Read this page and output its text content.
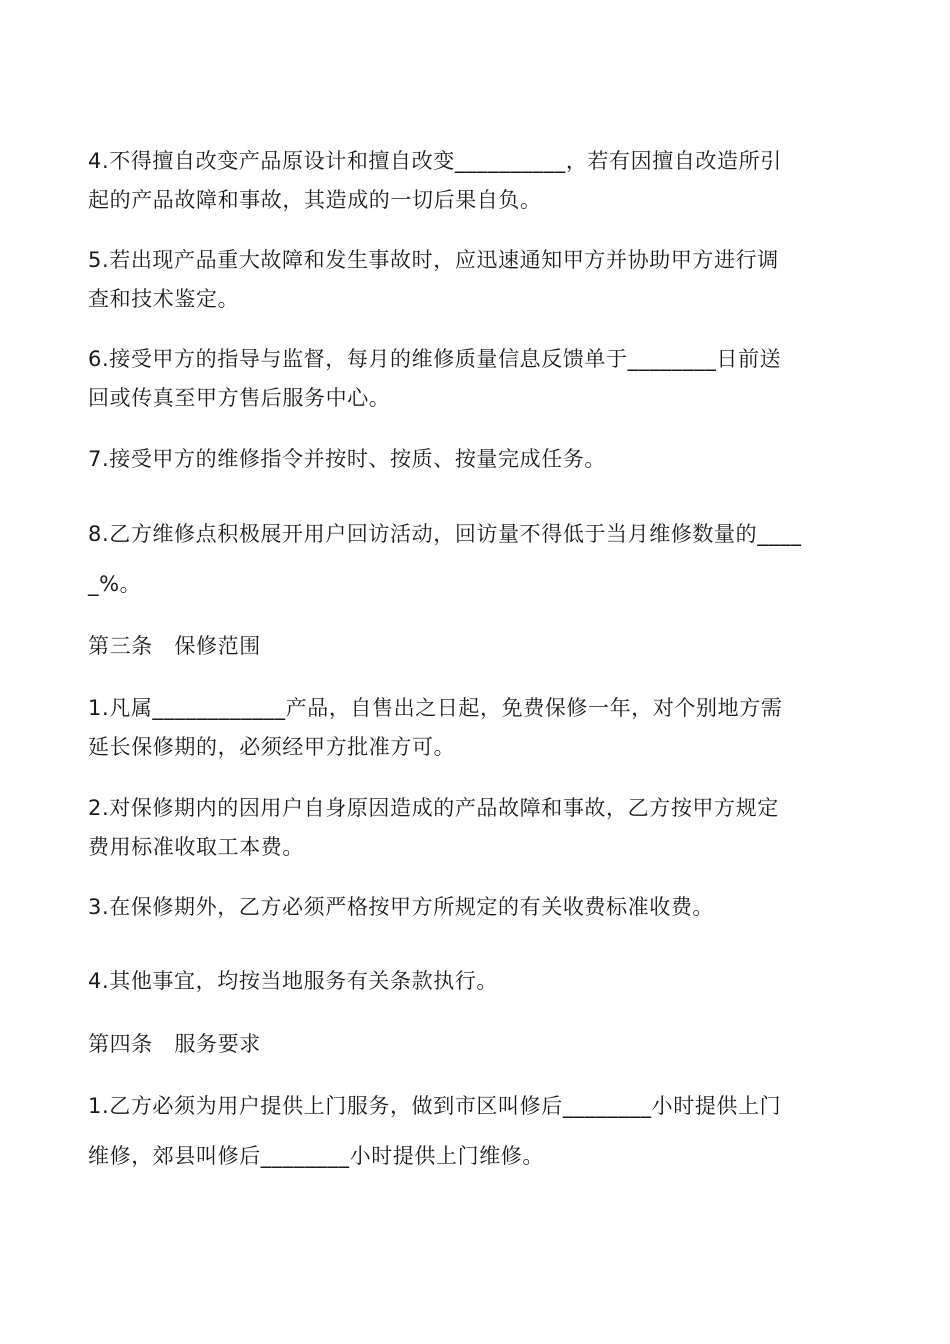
4.不得擅自改变产品原设计和擅自改变__________，若有因擅自改造所引
起的产品故障和事故，其造成的一切后果自负。
5.若出现产品重大故障和发生事故时，应迅速通知甲方并协助甲方进行调
查和技术鉴定。
6.接受甲方的指导与监督，每月的维修质量信息反馈单于________日前送
回或传真至甲方售后服务中心。
7.接受甲方的维修指令并按时、按质、按量完成任务。
8.乙方维修点积极展开用户回访活动，回访量不得低于当月维修数量的____
_%。
第三条　保修范围
1.凡属____________产品，自售出之日起，免费保修一年，对个别地方需
延长保修期的，必须经甲方批准方可。
2.对保修期内的因用户自身原因造成的产品故障和事故，乙方按甲方规定
费用标准收取工本费。
3.在保修期外，乙方必须严格按甲方所规定的有关收费标准收费。
4.其他事宜，均按当地服务有关条款执行。
第四条　服务要求
1.乙方必须为用户提供上门服务，做到市区叫修后________小时提供上门
维修，郊县叫修后________小时提供上门维修。
